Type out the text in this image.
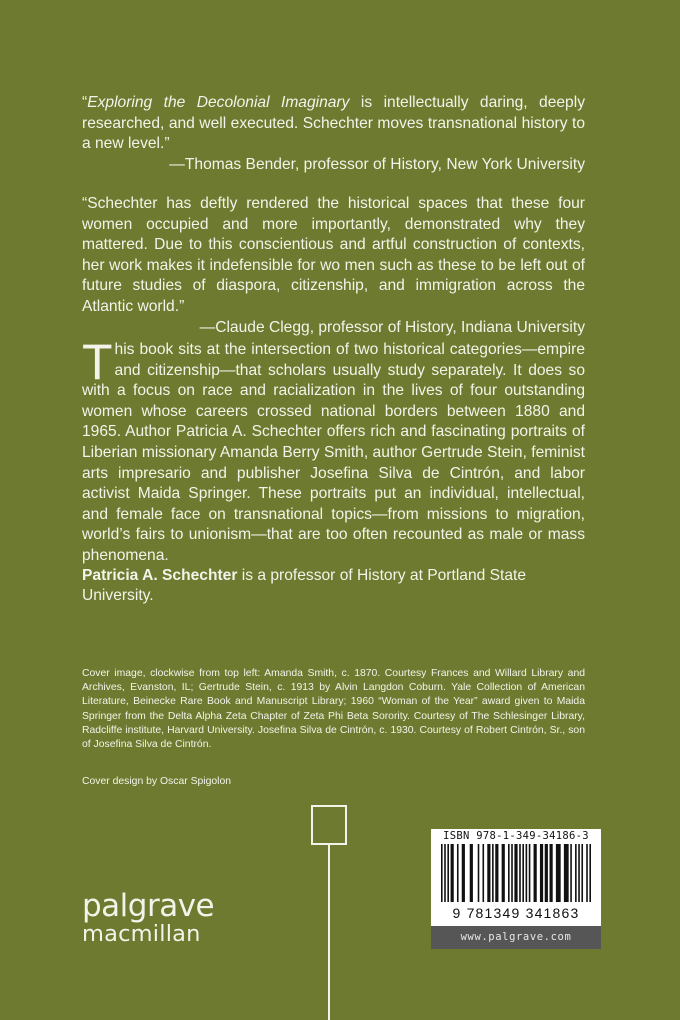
“Exploring the Decolonial Imaginary is intellectually daring, deeply researched, and well executed. Schechter moves transnational history to a new level.”
—Thomas Bender, professor of History, New York University
“Schechter has deftly rendered the historical spaces that these four women occupied and more importantly, demonstrated why they mattered. Due to this conscientious and artful construction of contexts, her work makes it indefensible for wo men such as these to be left out of future studies of diaspora, citizenship, and immigration across the Atlantic world.”
—Claude Clegg, professor of History, Indiana University
This book sits at the intersection of two historical categories—empire and citizenship—that scholars usually study separately. It does so with a focus on race and racialization in the lives of four outstanding women whose careers crossed national borders between 1880 and 1965. Author Patricia A. Schechter offers rich and fascinating portraits of Liberian missionary Amanda Berry Smith, author Gertrude Stein, feminist arts impresario and publisher Josefina Silva de Cintrón, and labor activist Maida Springer. These portraits put an individual, intellectual, and female face on transnational topics—from missions to migration, world’s fairs to unionism—that are too often recounted as male or mass phenomena.
Patricia A. Schechter is a professor of History at Portland State University.
Cover image, clockwise from top left: Amanda Smith, c. 1870. Courtesy Frances and Willard Library and Archives, Evanston, IL; Gertrude Stein, c. 1913 by Alvin Langdon Coburn. Yale Collection of American Literature, Beinecke Rare Book and Manuscript Library; 1960 “Woman of the Year” award given to Maida Springer from the Delta Alpha Zeta Chapter of Zeta Phi Beta Sorority. Courtesy of The Schlesinger Library, Radcliffe institute, Harvard University. Josefina Silva de Cintrón, c. 1930. Courtesy of Robert Cintrón, Sr., son of Josefina Silva de Cintrón.
Cover design by Oscar Spigolon
palgrave
macmillan
ISBN 978-1-349-34186-3
9 781349 341863
www.palgrave.com
